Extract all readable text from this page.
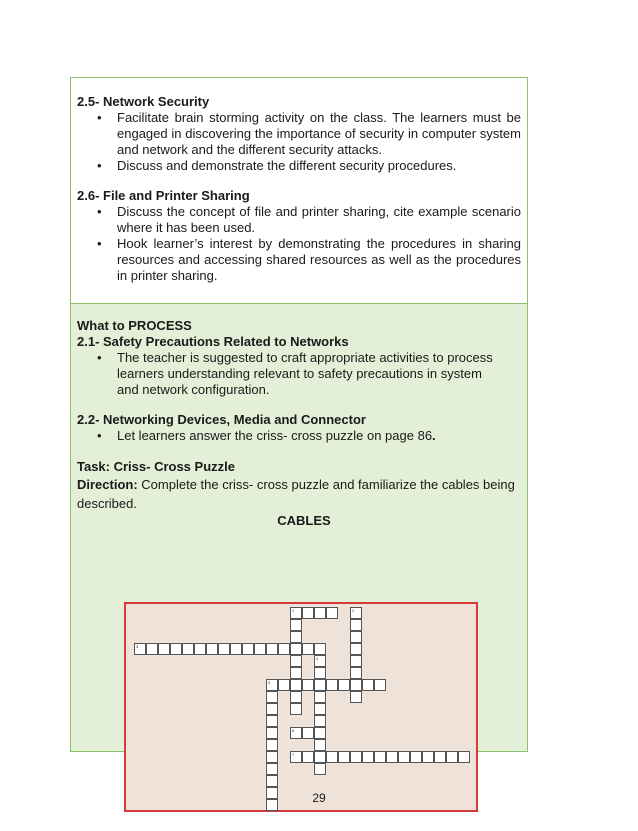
2.5- Network Security

• Facilitate brain storming activity on the class. The learners must be engaged in discovering the importance of security in computer system and network and the different security attacks.
• Discuss and demonstrate the different security procedures.

2.6- File and Printer Sharing

• Discuss the concept of file and printer sharing, cite example scenario where it has been used.
• Hook learner’s interest by demonstrating the procedures in sharing resources and accessing shared resources as well as the procedures in printer sharing.

What to PROCESS

2.1- Safety Precautions Related to Networks

• The teacher is suggested to craft appropriate activities to process learners understanding relevant to safety precautions in system and network configuration.

2.2- Networking Devices, Media and Connector

• Let learners answer the criss- cross puzzle on page 86.

Task: Criss- Cross Puzzle

Direction: Complete the criss- cross puzzle and familiarize the cables being described.

CABLES

1	2
3
4
5
6
7
29
